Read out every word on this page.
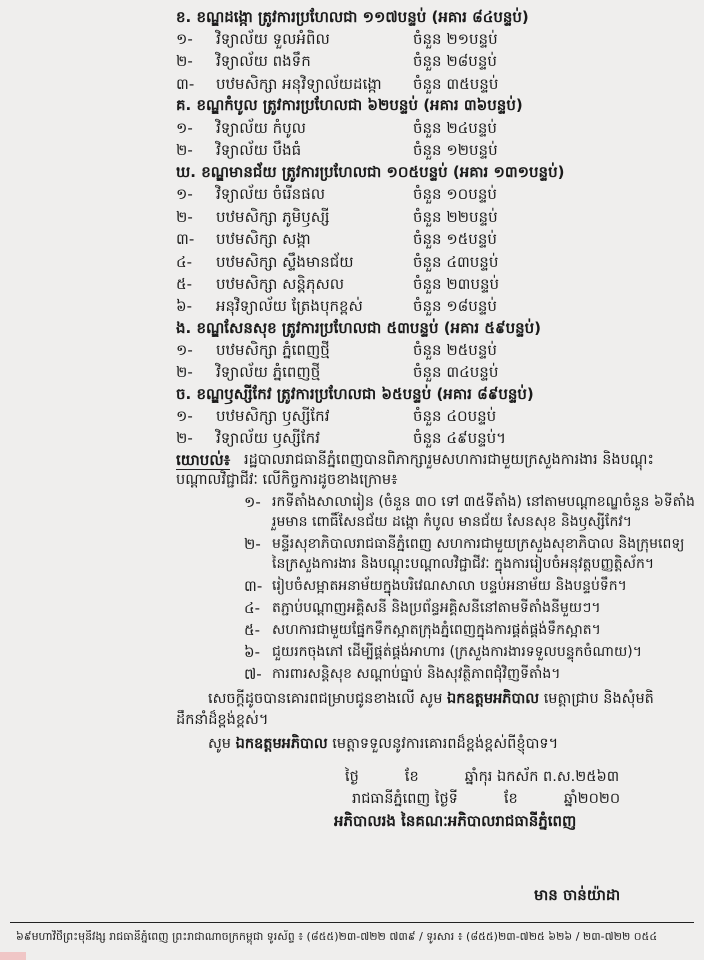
ខ. ខណ្ឌដង្កោ ត្រូវការប្រហែលជា ១១៧បន្ទប់ (អគារ ៨៤បន្ទប់)
១- វិទ្យាល័យ ទួលអំពិល	ចំនួន ២១បន្ទប់
២- វិទ្យាល័យ ពងទឹក	ចំនួន ២៨បន្ទប់
៣- បឋមសិក្សា អនុវិទ្យាល័យដង្កោ ចំនួន ៣៥បន្ទប់
គ. ខណ្ឌកំបូល ត្រូវការប្រហែលជា ៦២បន្ទប់ (អគារ ៣៦បន្ទប់)
១- វិទ្យាល័យ កំបូល	ចំនួន ២៤បន្ទប់
២- វិទ្យាល័យ បឹងធំ	ចំនួន ១២បន្ទប់
ឃ. ខណ្ឌមានជ័យ ត្រូវការប្រហែលជា ១០៥បន្ទប់ (អគារ ១៣១បន្ទប់)
១- វិទ្យាល័យ ចំរើនផល	ចំនួន ១០បន្ទប់
២- បឋមសិក្សា ភូមិឫស្សី	ចំនួន ២២បន្ទប់
៣- បឋមសិក្សា សង្កា	ចំនួន ១៥បន្ទប់
៤- បឋមសិក្សា ស្ទឹងមានជ័យ	ចំនួន ៤៣បន្ទប់
៥- បឋមសិក្សា សន្តិភុសល	ចំនួន ២៣បន្ទប់
៦- អនុវិទ្យាល័យ ត្រែងបុកខ្ពស់	ចំនួន ១៨បន្ទប់
ង. ខណ្ឌសែនសុខ ត្រូវការប្រហែលជា ៥៣បន្ទប់ (អគារ ៥៩បន្ទប់)
១- បឋមសិក្សា ភ្នំពេញថ្មី	ចំនួន ២៥បន្ទប់
២- វិទ្យាល័យ ភ្នំពេញថ្មី	ចំនួន ៣៤បន្ទប់
ច. ខណ្ឌឫស្សីកែវ ត្រូវការប្រហែលជា ៦៥បន្ទប់ (អគារ ៨៩បន្ទប់)
១- បឋមសិក្សា ឫស្សីកែវ	ចំនួន ៤០បន្ទប់
២- វិទ្យាល័យ ឫស្សីកែវ	ចំនួន ៤៩បន្ទប់។
យោបល់៖ រដ្ឋបាលរាជធានីភ្នំពេញបានពិភាក្សារួមសហការជាមួយក្រសួងការងារ និងបណ្តុះ
បណ្តាលវិជ្ជាជីវៈ លើកិច្ចការដូចខាងក្រោម៖
១- រកទីតាំងសាលារៀន (ចំនួន ៣០ ទៅ ៣៥ទីតាំង) នៅតាមបណ្តាខណ្ឌចំនួន ៦ទីតាំង
រួមមាន ពោធិ៍សែនជ័យ ដង្កោ កំបូល មានជ័យ សែនសុខ និងឫស្សីកែវ។
២- មន្ទីរសុខាភិបាលរាជធានីភ្នំពេញ សហការជាមួយក្រសួងសុខាភិបាល និងក្រុមពេទ្យ
នៃក្រសួងការងារ និងបណ្តុះបណ្តាលវិជ្ជាជីវៈ ក្នុងការរៀបចំអនុវត្តបញ្ញត្តិស័ក។
៣- រៀបចំសម្អាតអនាម័យក្នុងបរិវេណសាលា បន្ទប់អនាម័យ និងបន្ទប់ទឹក។
៤- តភ្ជាប់បណ្តាញអគ្គិសនី និងប្រព័ន្ធអគ្គិសនីនៅតាមទីតាំងនីមួយៗ។
៥- សហការជាមួយផ្នែកទឹកស្អាតក្រុងភ្នំពេញក្នុងការផ្គត់ផ្គង់ទឹកស្អាត។
៦- ជួយរកចុងភៅ ដើម្បីផ្គត់ផ្គង់អាហារ (ក្រសួងការងារទទួលបន្ទុកចំណាយ)។
៧- ការពារសន្តិសុខ សណ្តាប់ធ្នាប់ និងសុវត្ថិភាពជុំវិញទីតាំង។
សេចក្តីដូចបានគោរពជម្រាបជូនខាងលើ សូម ឯកឧត្តមអភិបាល មេត្តាជ្រាប និងសុំមតិ
ដឹកនាំដ៏ខ្ពង់ខ្ពស់។
សូម ឯកឧត្តមអភិបាល មេត្តាទទួលនូវការគោរពដ៏ខ្ពង់ខ្ពស់ពីខ្ញុំបាទ។
ថ្ងៃ          ខែ          ឆ្នាំកុរ ឯកស័ក ព.ស.២៥៦៣
រាជធានីភ្នំពេញ ថ្ងៃទី          ខែ          ឆ្នាំ២០២០
អភិបាលរង នៃគណៈអភិបាលរាជធានីភ្នំពេញ
មាន ចាន់យ៉ាដា
៦៩មហាវិថីព្រះមុនីវង្ស រាជធានីភ្នំពេញ ព្រះរាជាណាចក្រកម្ពុជា ទូរស័ព្ទ ៖ (៨៥៥)២៣-៧២២ ៧៣៩ / ទូរសារ ៖ (៨៥៥)២៣-៧២៥ ៦២៦ / ២៣-៧២២ ០៥៤
